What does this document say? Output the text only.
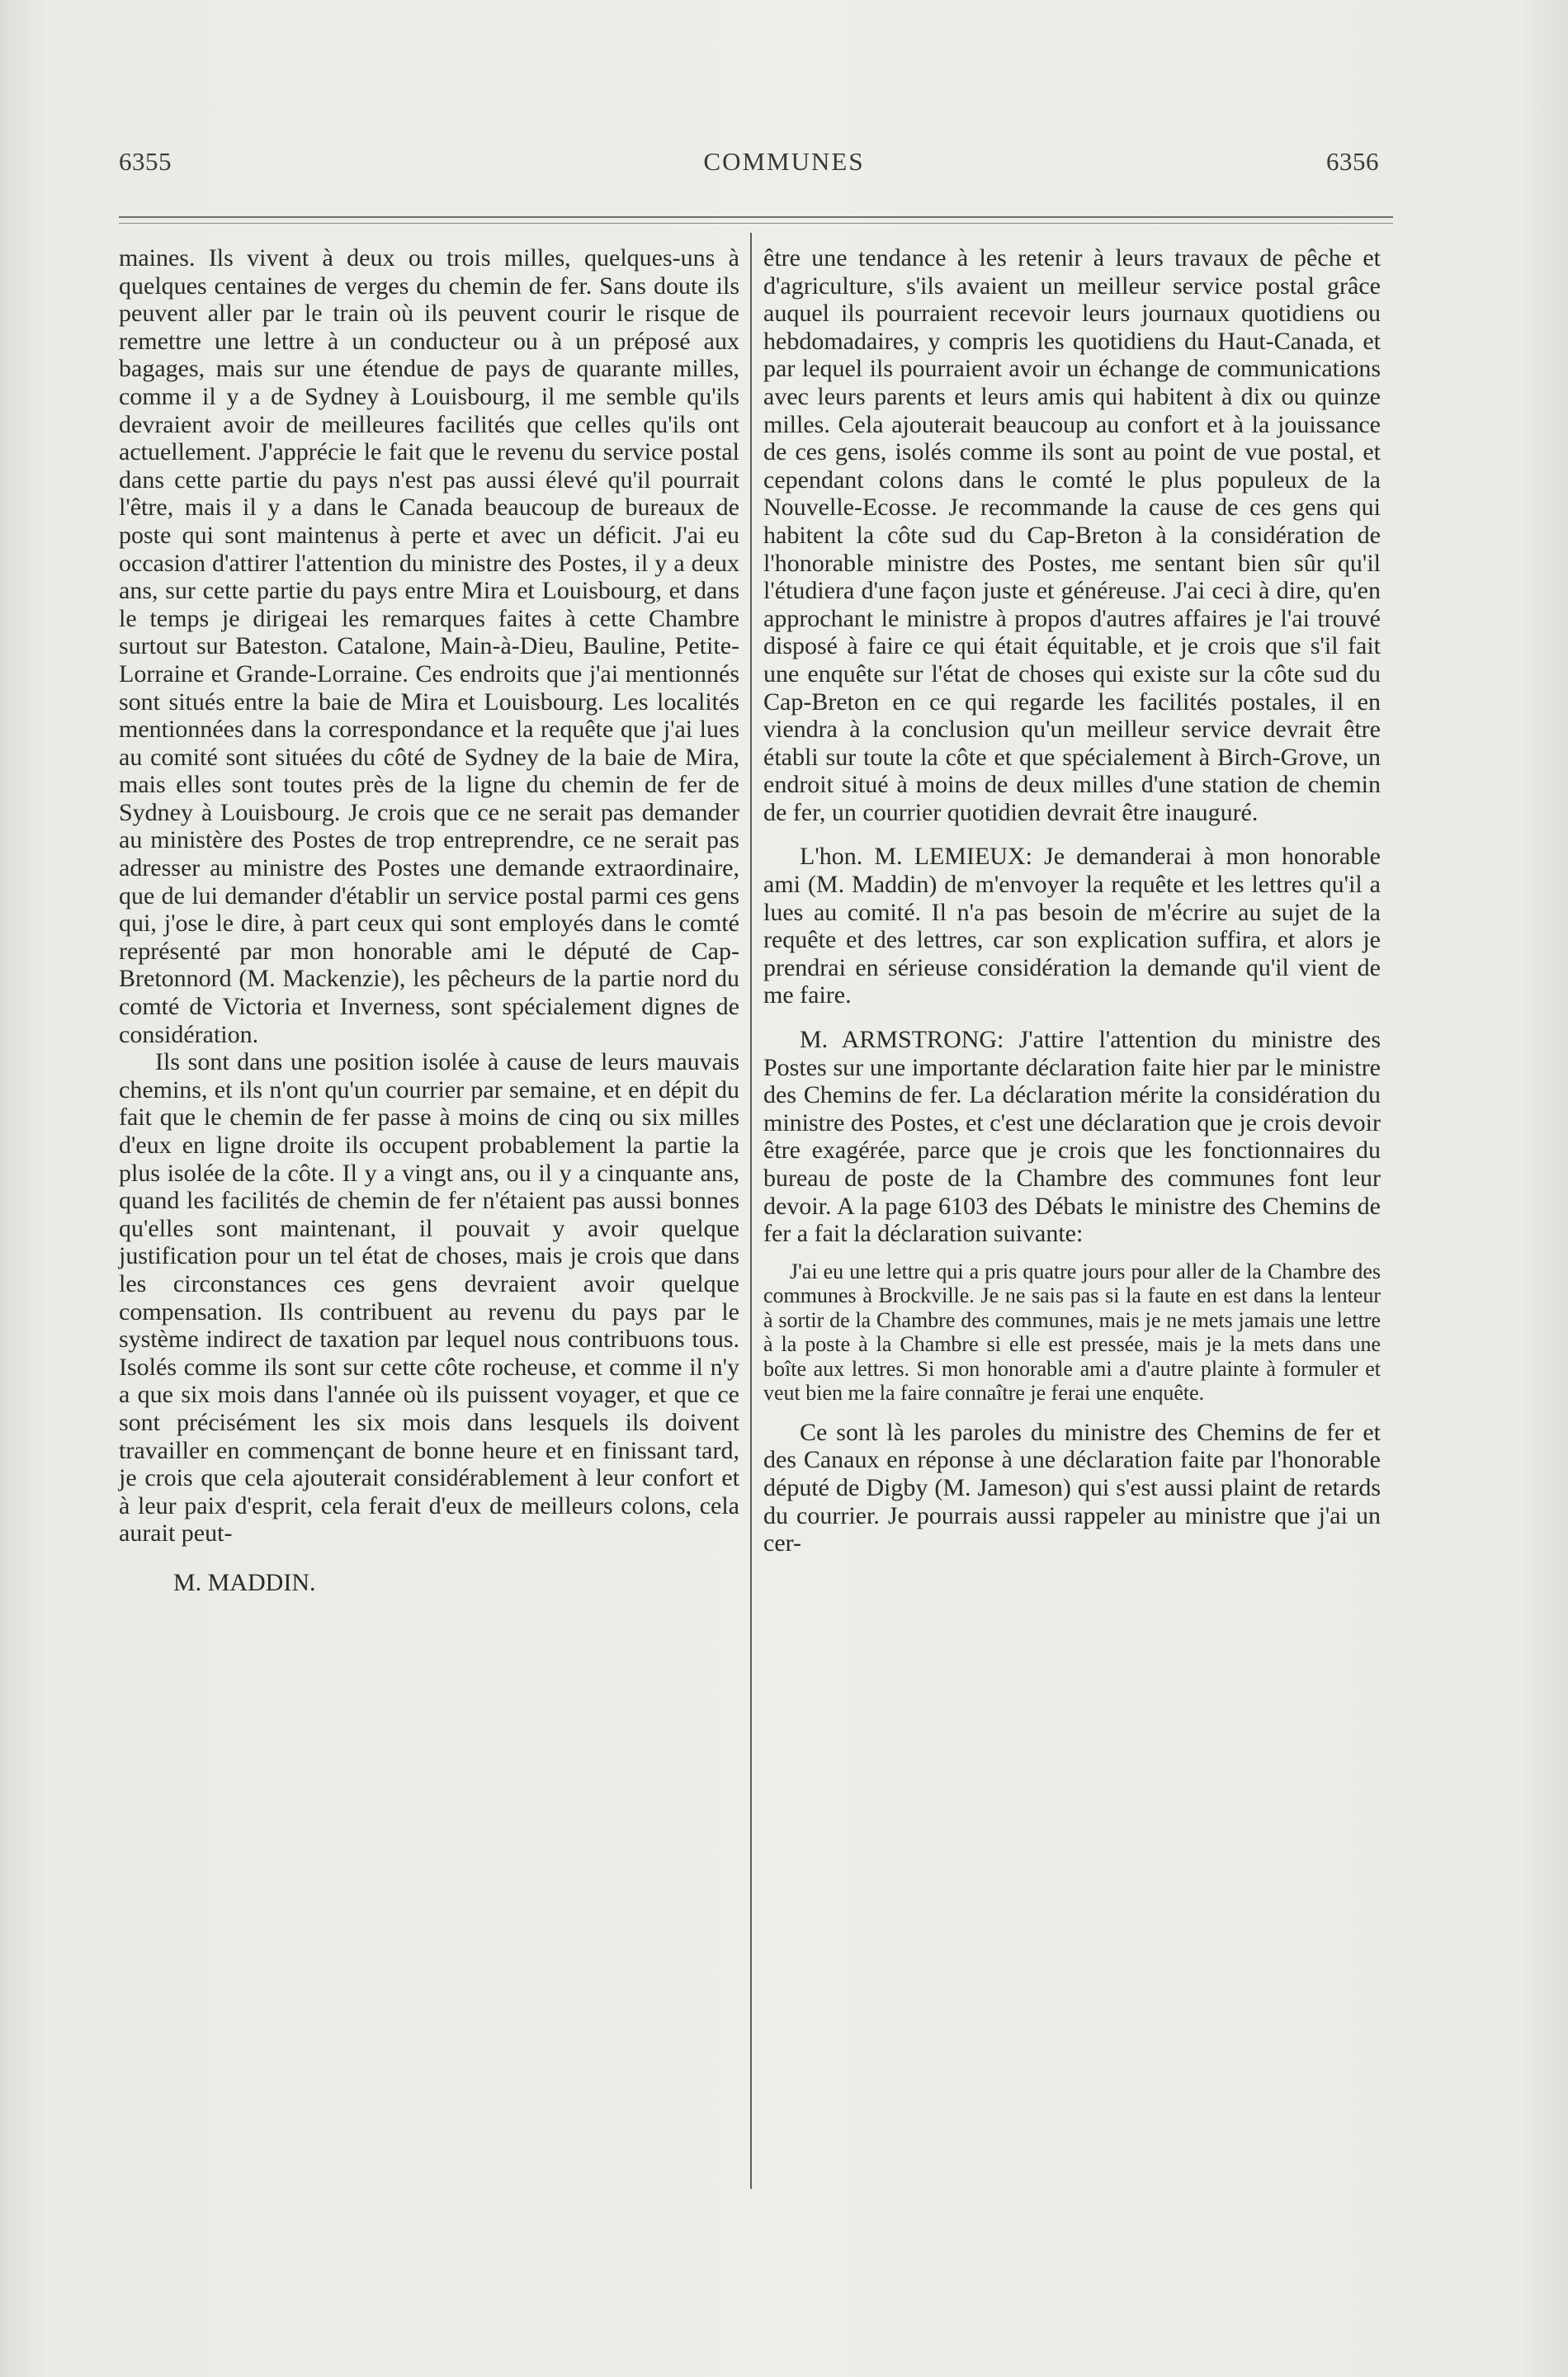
6355	COMMUNES	6356

maines. Ils vivent à deux ou trois milles, quelques-uns à quelques centaines de verges du chemin de fer. Sans doute ils peuvent aller par le train où ils peuvent courir le risque de remettre une lettre à un conducteur ou à un préposé aux bagages, mais sur une étendue de pays de quarante milles, comme il y a de Sydney à Louisbourg, il me semble qu'ils devraient avoir de meilleures facilités que celles qu'ils ont actuellement. J'apprécie le fait que le revenu du service postal dans cette partie du pays n'est pas aussi élevé qu'il pourrait l'être, mais il y a dans le Canada beaucoup de bureaux de poste qui sont maintenus à perte et avec un déficit. J'ai eu occasion d'attirer l'attention du ministre des Postes, il y a deux ans, sur cette partie du pays entre Mira et Louisbourg, et dans le temps je dirigeai les remarques faites à cette Chambre surtout sur Bateston. Catalone, Main-à-Dieu, Bauline, Petite-Lorraine et Grande-Lorraine. Ces endroits que j'ai mentionnés sont situés entre la baie de Mira et Louisbourg. Les localités mentionnées dans la correspondance et la requête que j'ai lues au comité sont situées du côté de Sydney de la baie de Mira, mais elles sont toutes près de la ligne du chemin de fer de Sydney à Louisbourg. Je crois que ce ne serait pas demander au ministère des Postes de trop entreprendre, ce ne serait pas adresser au ministre des Postes une demande extraordinaire, que de lui demander d'établir un service postal parmi ces gens qui, j'ose le dire, à part ceux qui sont employés dans le comté représenté par mon honorable ami le député de Cap-Bretonnord (M. Mackenzie), les pêcheurs de la partie nord du comté de Victoria et Inverness, sont spécialement dignes de considération.

Ils sont dans une position isolée à cause de leurs mauvais chemins, et ils n'ont qu'un courrier par semaine, et en dépit du fait que le chemin de fer passe à moins de cinq ou six milles d'eux en ligne droite ils occupent probablement la partie la plus isolée de la côte. Il y a vingt ans, ou il y a cinquante ans, quand les facilités de chemin de fer n'étaient pas aussi bonnes qu'elles sont maintenant, il pouvait y avoir quelque justification pour un tel état de choses, mais je crois que dans les circonstances ces gens devraient avoir quelque compensation. Ils contribuent au revenu du pays par le système indirect de taxation par lequel nous contribuons tous. Isolés comme ils sont sur cette côte rocheuse, et comme il n'y a que six mois dans l'année où ils puissent voyager, et que ce sont précisément les six mois dans lesquels ils doivent travailler en commençant de bonne heure et en finissant tard, je crois que cela ajouterait considérablement à leur confort et à leur paix d'esprit, cela ferait d'eux de meilleurs colons, cela aurait peut-

M. MADDIN.

être une tendance à les retenir à leurs travaux de pêche et d'agriculture, s'ils avaient un meilleur service postal grâce auquel ils pourraient recevoir leurs journaux quotidiens ou hebdomadaires, y compris les quotidiens du Haut-Canada, et par lequel ils pourraient avoir un échange de communications avec leurs parents et leurs amis qui habitent à dix ou quinze milles. Cela ajouterait beaucoup au confort et à la jouissance de ces gens, isolés comme ils sont au point de vue postal, et cependant colons dans le comté le plus populeux de la Nouvelle-Ecosse. Je recommande la cause de ces gens qui habitent la côte sud du Cap-Breton à la considération de l'honorable ministre des Postes, me sentant bien sûr qu'il l'étudiera d'une façon juste et généreuse. J'ai ceci à dire, qu'en approchant le ministre à propos d'autres affaires je l'ai trouvé disposé à faire ce qui était équitable, et je crois que s'il fait une enquête sur l'état de choses qui existe sur la côte sud du Cap-Breton en ce qui regarde les facilités postales, il en viendra à la conclusion qu'un meilleur service devrait être établi sur toute la côte et que spécialement à Birch-Grove, un endroit situé à moins de deux milles d'une station de chemin de fer, un courrier quotidien devrait être inauguré.

L'hon. M. LEMIEUX: Je demanderai à mon honorable ami (M. Maddin) de m'envoyer la requête et les lettres qu'il a lues au comité. Il n'a pas besoin de m'écrire au sujet de la requête et des lettres, car son explication suffira, et alors je prendrai en sérieuse considération la demande qu'il vient de me faire.

M. ARMSTRONG: J'attire l'attention du ministre des Postes sur une importante déclaration faite hier par le ministre des Chemins de fer. La déclaration mérite la considération du ministre des Postes, et c'est une déclaration que je crois devoir être exagérée, parce que je crois que les fonctionnaires du bureau de poste de la Chambre des communes font leur devoir. A la page 6103 des Débats le ministre des Chemins de fer a fait la déclaration suivante:

J'ai eu une lettre qui a pris quatre jours pour aller de la Chambre des communes à Brockville. Je ne sais pas si la faute en est dans la lenteur à sortir de la Chambre des communes, mais je ne mets jamais une lettre à la poste à la Chambre si elle est pressée, mais je la mets dans une boîte aux lettres. Si mon honorable ami a d'autre plainte à formuler et veut bien me la faire connaître je ferai une enquête.

Ce sont là les paroles du ministre des Chemins de fer et des Canaux en réponse à une déclaration faite par l'honorable député de Digby (M. Jameson) qui s'est aussi plaint de retards du courrier. Je pourrais aussi rappeler au ministre que j'ai un cer-
